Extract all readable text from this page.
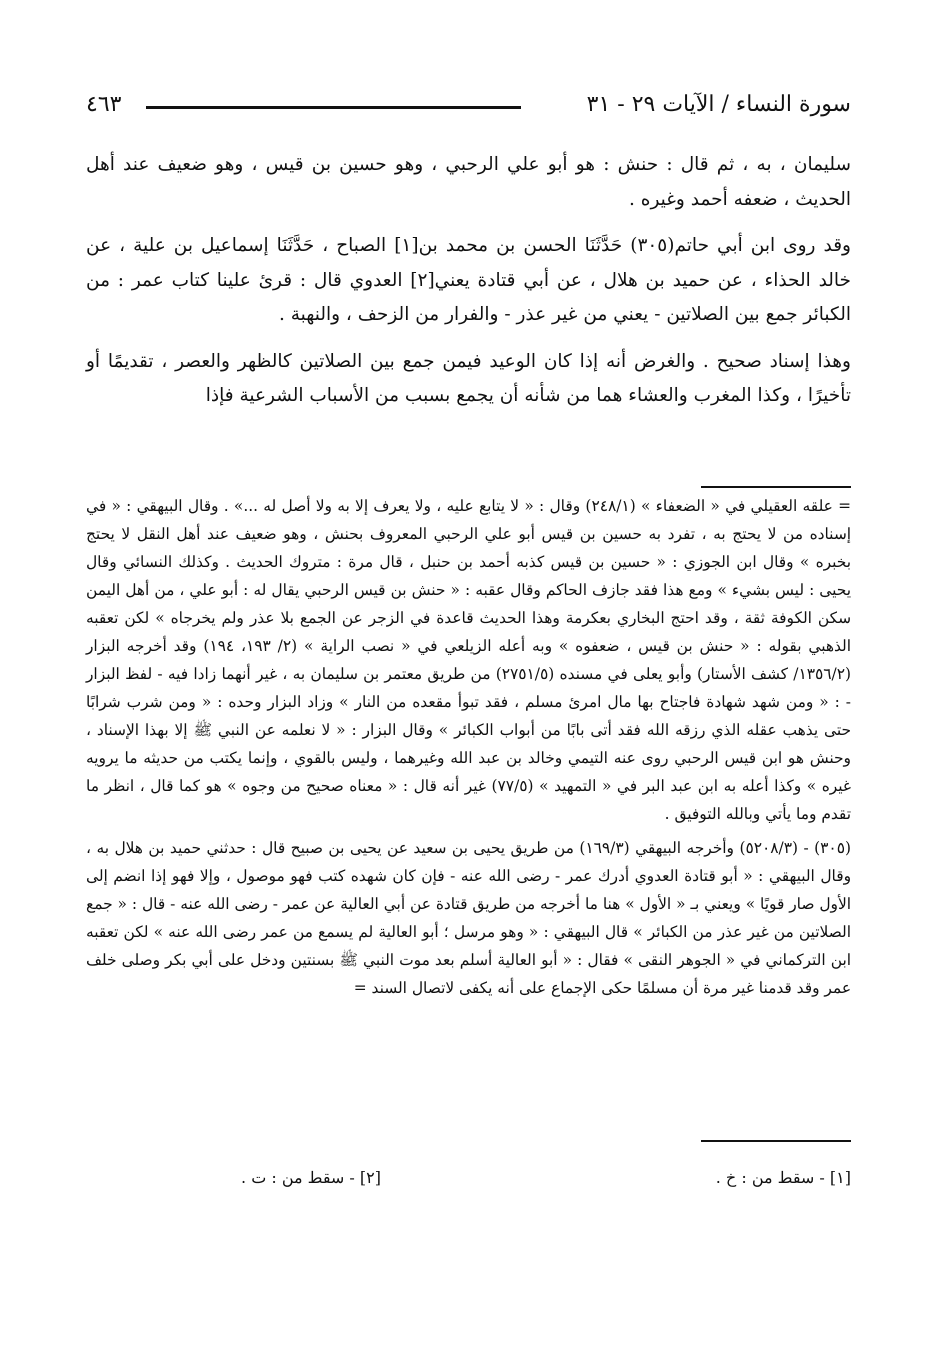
سورة النساء / الآيات ٢٩ - ٣١
٤٦٣

سليمان ، به ، ثم قال : حنش : هو أبو علي الرحبي ، وهو حسين بن قيس ، وهو ضعيف عند أهل الحديث ، ضعفه أحمد وغيره .

وقد روى ابن أبي حاتم(٣٠٥) حَدَّثَنَا الحسن بن محمد بن[١] الصباح ، حَدَّثَنَا إسماعيل بن علية ، عن خالد الحذاء ، عن حميد بن هلال ، عن أبي قتادة يعني[٢] العدوي قال : قرئ علينا كتاب عمر : من الكبائر جمع بين الصلاتين - يعني من غير عذر - والفرار من الزحف ، والنهبة .

وهذا إسناد صحيح . والغرض أنه إذا كان الوعيد فيمن جمع بين الصلاتين كالظهر والعصر ، تقديمًا أو تأخيرًا ، وكذا المغرب والعشاء هما من شأنه أن يجمع بسبب من الأسباب الشرعية فإذا

= علقه العقيلي في « الضعفاء » (٢٤٨/١) وقال : « لا يتابع عليه ، ولا يعرف إلا به ولا أصل له ...» . وقال البيهقي : « في إسناده من لا يحتج به ، تفرد به حسين بن قيس أبو علي الرحبي المعروف بحنش ، وهو ضعيف عند أهل النقل لا يحتج بخبره » وقال ابن الجوزي : « حسين بن قيس كذبه أحمد بن حنبل ، قال مرة : متروك الحديث . وكذلك النسائي وقال يحيى : ليس بشيء » ومع هذا فقد جازف الحاكم وقال عقبه : « حنش بن قيس الرحبي يقال له : أبو علي ، من أهل اليمن سكن الكوفة ثقة ، وقد احتج البخاري بعكرمة وهذا الحديث قاعدة في الزجر عن الجمع بلا عذر ولم يخرجاه » لكن تعقبه الذهبي بقوله : « حنش بن قيس ، ضعفوه » وبه أعله الزيلعي في « نصب الراية » (٢/ ١٩٣، ١٩٤) وقد أخرجه البزار (١٣٥٦/٢/ كشف الأستار) وأبو يعلى في مسنده (٢٧٥١/٥) من طريق معتمر بن سليمان به ، غير أنهما زادا فيه - لفظ البزار - : « ومن شهد شهادة فاجتاح بها مال امرئ مسلم ، فقد تبوأ مقعده من النار » وزاد البزار وحده : « ومن شرب شرابًا حتى يذهب عقله الذي رزقه الله فقد أتى بابًا من أبواب الكبائر » وقال البزار : « لا نعلمه عن النبي ﷺ إلا بهذا الإسناد ، وحنش هو ابن قيس الرحبي روى عنه التيمي وخالد بن عبد الله وغيرهما ، وليس بالقوي ، وإنما يكتب من حديثه ما يرويه غيره » وكذا أعله به ابن عبد البر في « التمهيد » (٧٧/٥) غير أنه قال : « معناه صحيح من وجوه » هو كما قال ، انظر ما تقدم وما يأتي وبالله التوفيق .

(٣٠٥) - (٥٢٠٨/٣) وأخرجه البيهقي (١٦٩/٣) من طريق يحيى بن سعيد عن يحيى بن صبيح قال : حدثني حميد بن هلال به ، وقال البيهقي : « أبو قتادة العدوي أدرك عمر - رضى الله عنه - فإن كان شهده كتب فهو موصول ، وإلا فهو إذا انضم إلى الأول صار قويًا » ويعني بـ « الأول » هنا ما أخرجه من طريق قتادة عن أبي العالية عن عمر - رضى الله عنه - قال : « جمع الصلاتين من غير عذر من الكبائر » قال البيهقي : « وهو مرسل ؛ أبو العالية لم يسمع من عمر رضى الله عنه » لكن تعقبه ابن التركماني في « الجوهر النقى » فقال : « أبو العالية أسلم بعد موت النبي ﷺ بسنتين ودخل على أبي بكر وصلى خلف عمر وقد قدمنا غير مرة أن مسلمًا حكى الإجماع على أنه يكفى لاتصال السند =

[١] - سقط من : خ .
[٢] - سقط من : ت .
